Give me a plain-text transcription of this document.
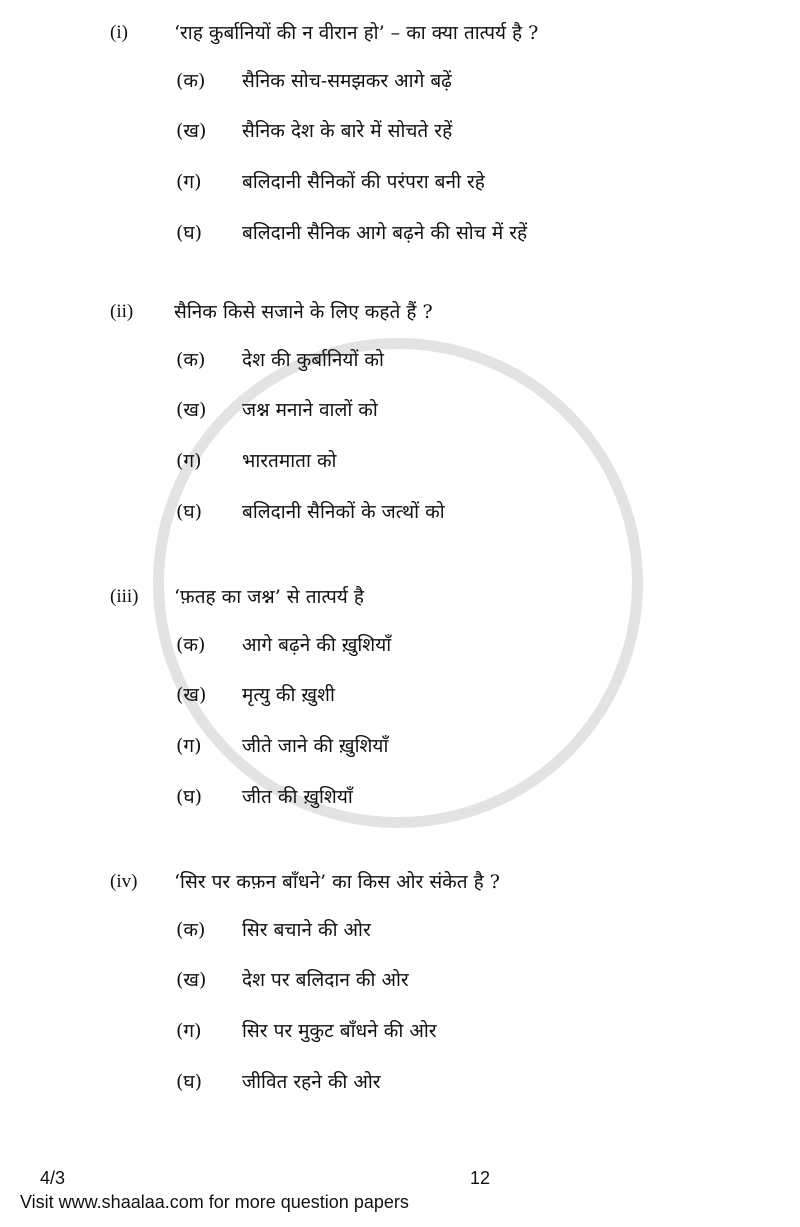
(i) ‘राह कुर्बानियों की न वीरान हो’ – का क्या तात्पर्य है ?
(क) सैनिक सोच-समझकर आगे बढ़ें
(ख) सैनिक देश के बारे में सोचते रहें
(ग) बलिदानी सैनिकों की परंपरा बनी रहे
(घ) बलिदानी सैनिक आगे बढ़ने की सोच में रहें
(ii) सैनिक किसे सजाने के लिए कहते हैं ?
(क) देश की कुर्बानियों को
(ख) जश्न मनाने वालों को
(ग) भारतमाता को
(घ) बलिदानी सैनिकों के जत्थों को
(iii) ‘फ़तह का जश्न’ से तात्पर्य है
(क) आगे बढ़ने की ख़ुशियाँ
(ख) मृत्यु की ख़ुशी
(ग) जीते जाने की ख़ुशियाँ
(घ) जीत की ख़ुशियाँ
(iv) ‘सिर पर कफ़न बाँधने’ का किस ओर संकेत है ?
(क) सिर बचाने की ओर
(ख) देश पर बलिदान की ओर
(ग) सिर पर मुकुट बाँधने की ओर
(घ) जीवित रहने की ओर
4/3	12
Visit www.shaalaa.com for more question papers
